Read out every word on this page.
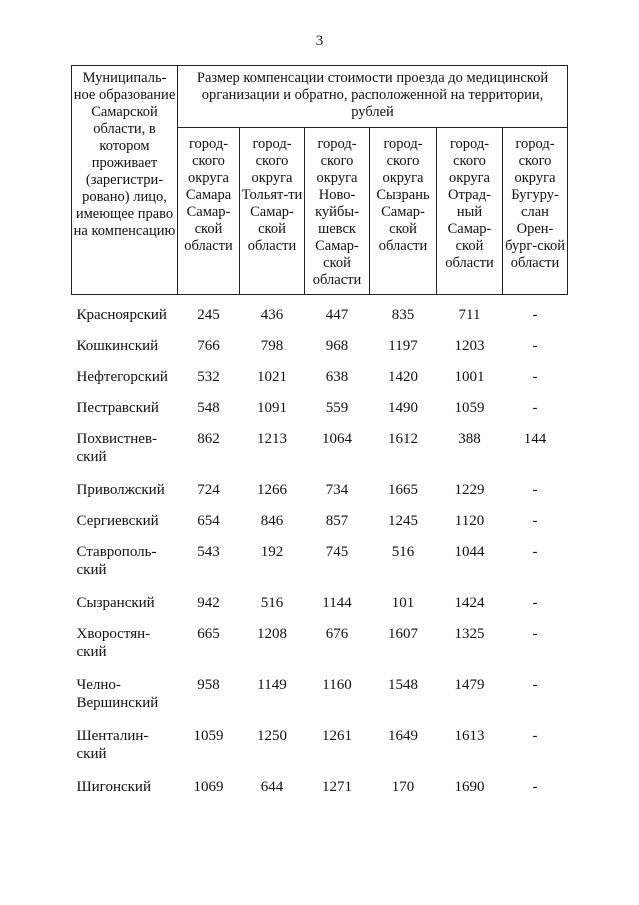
3
Муниципаль-ное образование Самарской области, в котором проживает (зарегистри-ровано) лицо, имеющее право на компенсацию	Размер компенсации стоимости проезда до медицинской организации и обратно, расположенной на территории, рублей					
	город-ского округа Самара Самар-ской области	город-ского округа Тольят-ти Самар-ской области	город-ского округа Ново-куйбы-шевск Самар-ской области	город-ского округа Сызрань Самар-ской области	город-ского округа Отрад-ный Самар-ской области	город-ского округа Бугуру-слан Орен-бург-ской области
Красноярский	245	436	447	835	711	-
Кошкинский	766	798	968	1197	1203	-
Нефтегорский	532	1021	638	1420	1001	-
Пестравский	548	1091	559	1490	1059	-
Похвистнев-ский	862	1213	1064	1612	388	144
Приволжский	724	1266	734	1665	1229	-
Сергиевский	654	846	857	1245	1120	-
Ставрополь-ский	543	192	745	516	1044	-
Сызранский	942	516	1144	101	1424	-
Хворостян-ский	665	1208	676	1607	1325	-
Челно-Вершинский	958	1149	1160	1548	1479	-
Шенталин-ский	1059	1250	1261	1649	1613	-
Шигонский	1069	644	1271	170	1690	-
